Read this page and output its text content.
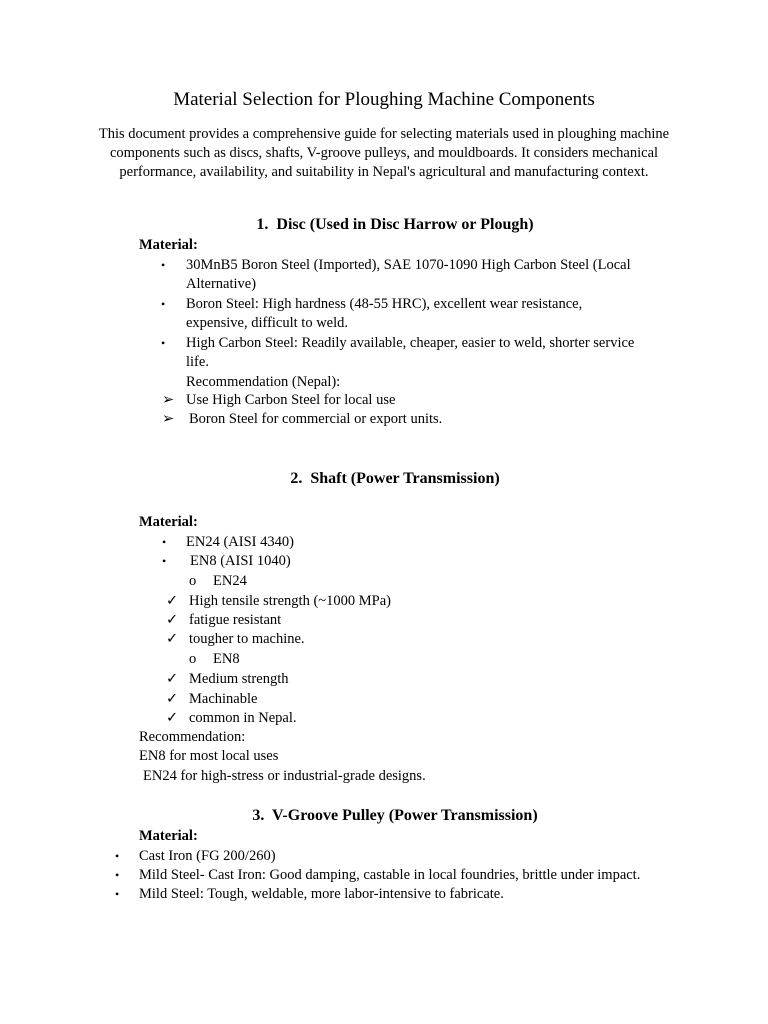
Material Selection for Ploughing Machine Components
This document provides a comprehensive guide for selecting materials used in ploughing machine components such as discs, shafts, V-groove pulleys, and mouldboards. It considers mechanical performance, availability, and suitability in Nepal's agricultural and manufacturing context.
1. Disc (Used in Disc Harrow or Plough)
Material:
• 30MnB5 Boron Steel (Imported), SAE 1070-1090 High Carbon Steel (Local
Alternative)
• Boron Steel: High hardness (48-55 HRC), excellent wear resistance,
expensive, difficult to weld.
• High Carbon Steel: Readily available, cheaper, easier to weld, shorter service
life.
Recommendation (Nepal):
➢ Use High Carbon Steel for local use
➢ Boron Steel for commercial or export units.
2. Shaft (Power Transmission)
Material:
• EN24 (AISI 4340)
• EN8 (AISI 1040)
o EN24
✓ High tensile strength (~1000 MPa)
✓ fatigue resistant
✓ tougher to machine.
o EN8
✓ Medium strength
✓ Machinable
✓ common in Nepal.
Recommendation:
EN8 for most local uses
EN24 for high-stress or industrial-grade designs.
3. V-Groove Pulley (Power Transmission)
Material:
• Cast Iron (FG 200/260)
• Mild Steel- Cast Iron: Good damping, castable in local foundries, brittle under impact.
• Mild Steel: Tough, weldable, more labor-intensive to fabricate.
